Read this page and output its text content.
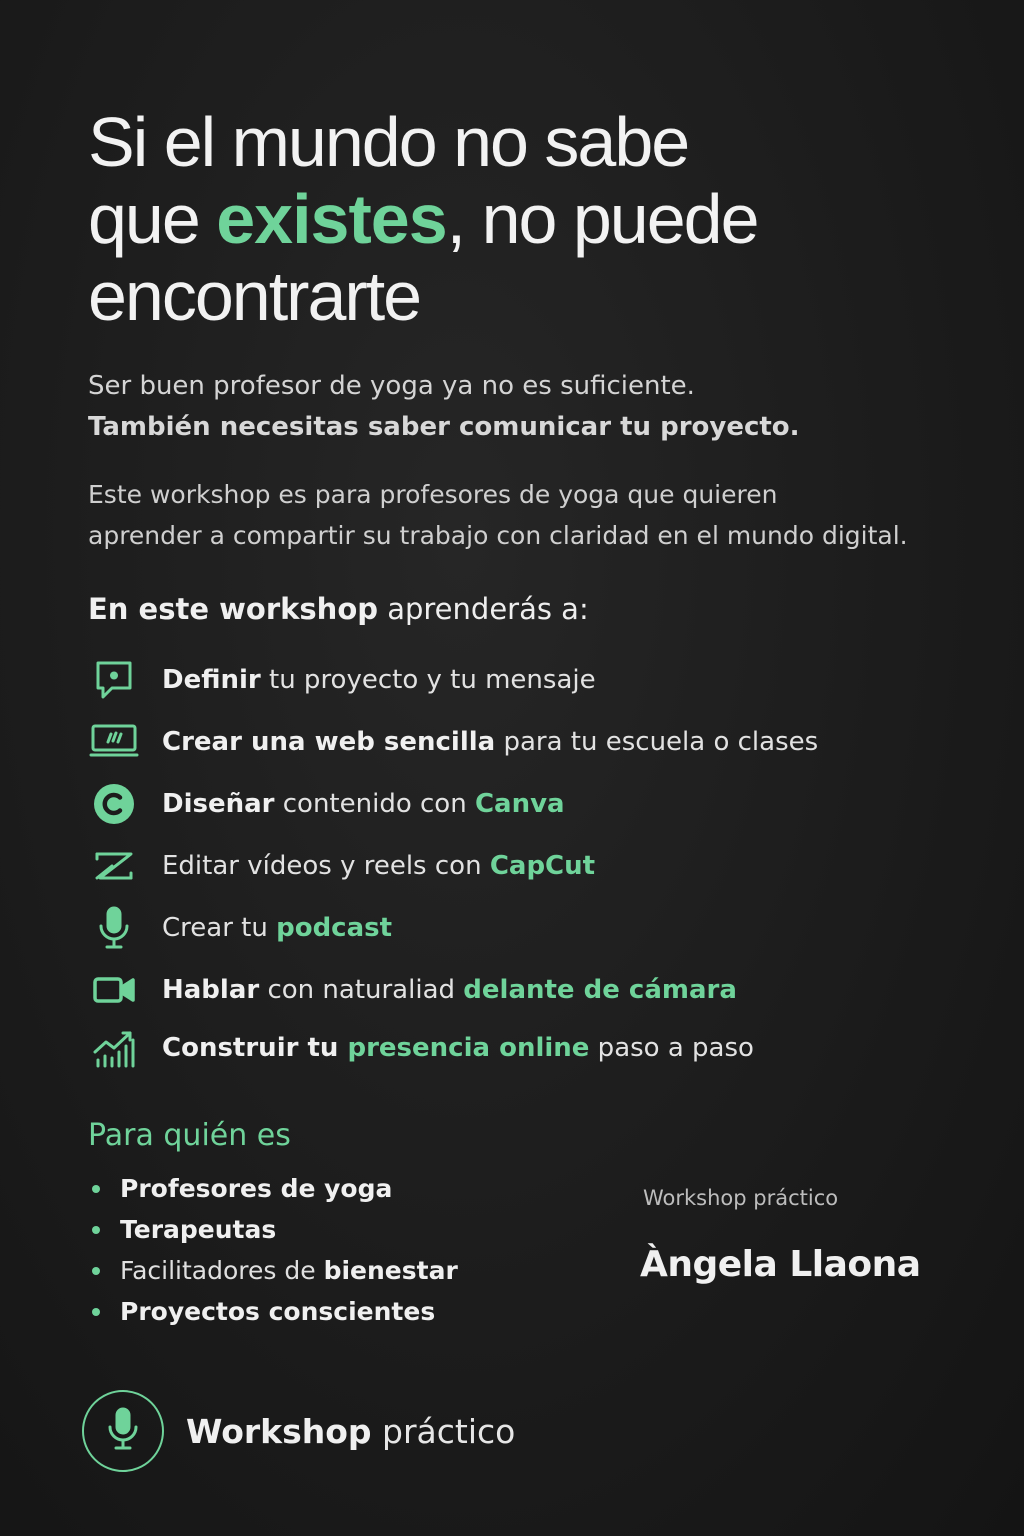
Si el mundo no sabe
que existes, no puede
encontrarte
Ser buen profesor de yoga ya no es suficiente.
También necesitas saber comunicar tu proyecto.
Este workshop es para profesores de yoga que quieren
aprender a compartir su trabajo con claridad en el mundo digital.
En este workshop aprenderás a:
Definir tu proyecto y tu mensaje
Crear una web sencilla para tu escuela o clases
Diseñar contenido con Canva
Editar vídeos y reels con CapCut
Crear tu podcast
Hablar con naturaliad delante de cámara
Construir tu presencia online paso a paso
Para quién es
Profesores de yoga
Terapeutas
Facilitadores de bienestar
Proyectos conscientes
Workshop práctico
Àngela Llaona
Workshop práctico
